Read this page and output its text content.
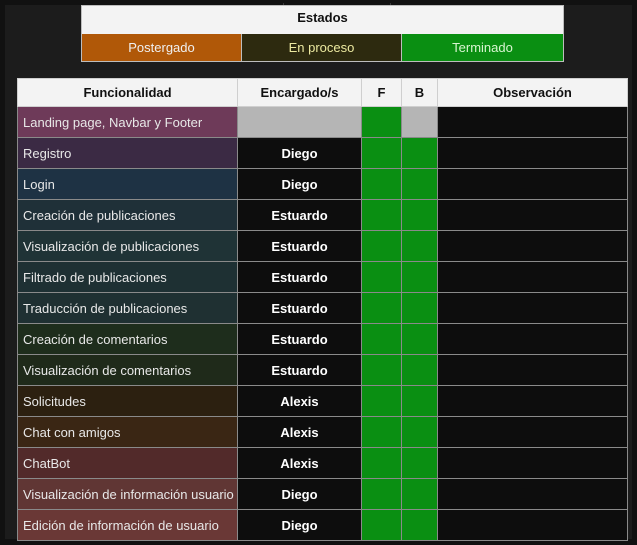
Estados
Postergado	En proceso	Terminado
Funcionalidad	Encargado/s	F	B	Observación
Landing page, Navbar y Footer				
Registro	Diego			
Login	Diego			
Creación de publicaciones	Estuardo			
Visualización de publicaciones	Estuardo			
Filtrado de publicaciones	Estuardo			
Traducción de publicaciones	Estuardo			
Creación de comentarios	Estuardo			
Visualización de comentarios	Estuardo			
Solicitudes	Alexis			
Chat con amigos	Alexis			
ChatBot	Alexis			
Visualización de información usuario	Diego			
Edición de información de usuario	Diego			
